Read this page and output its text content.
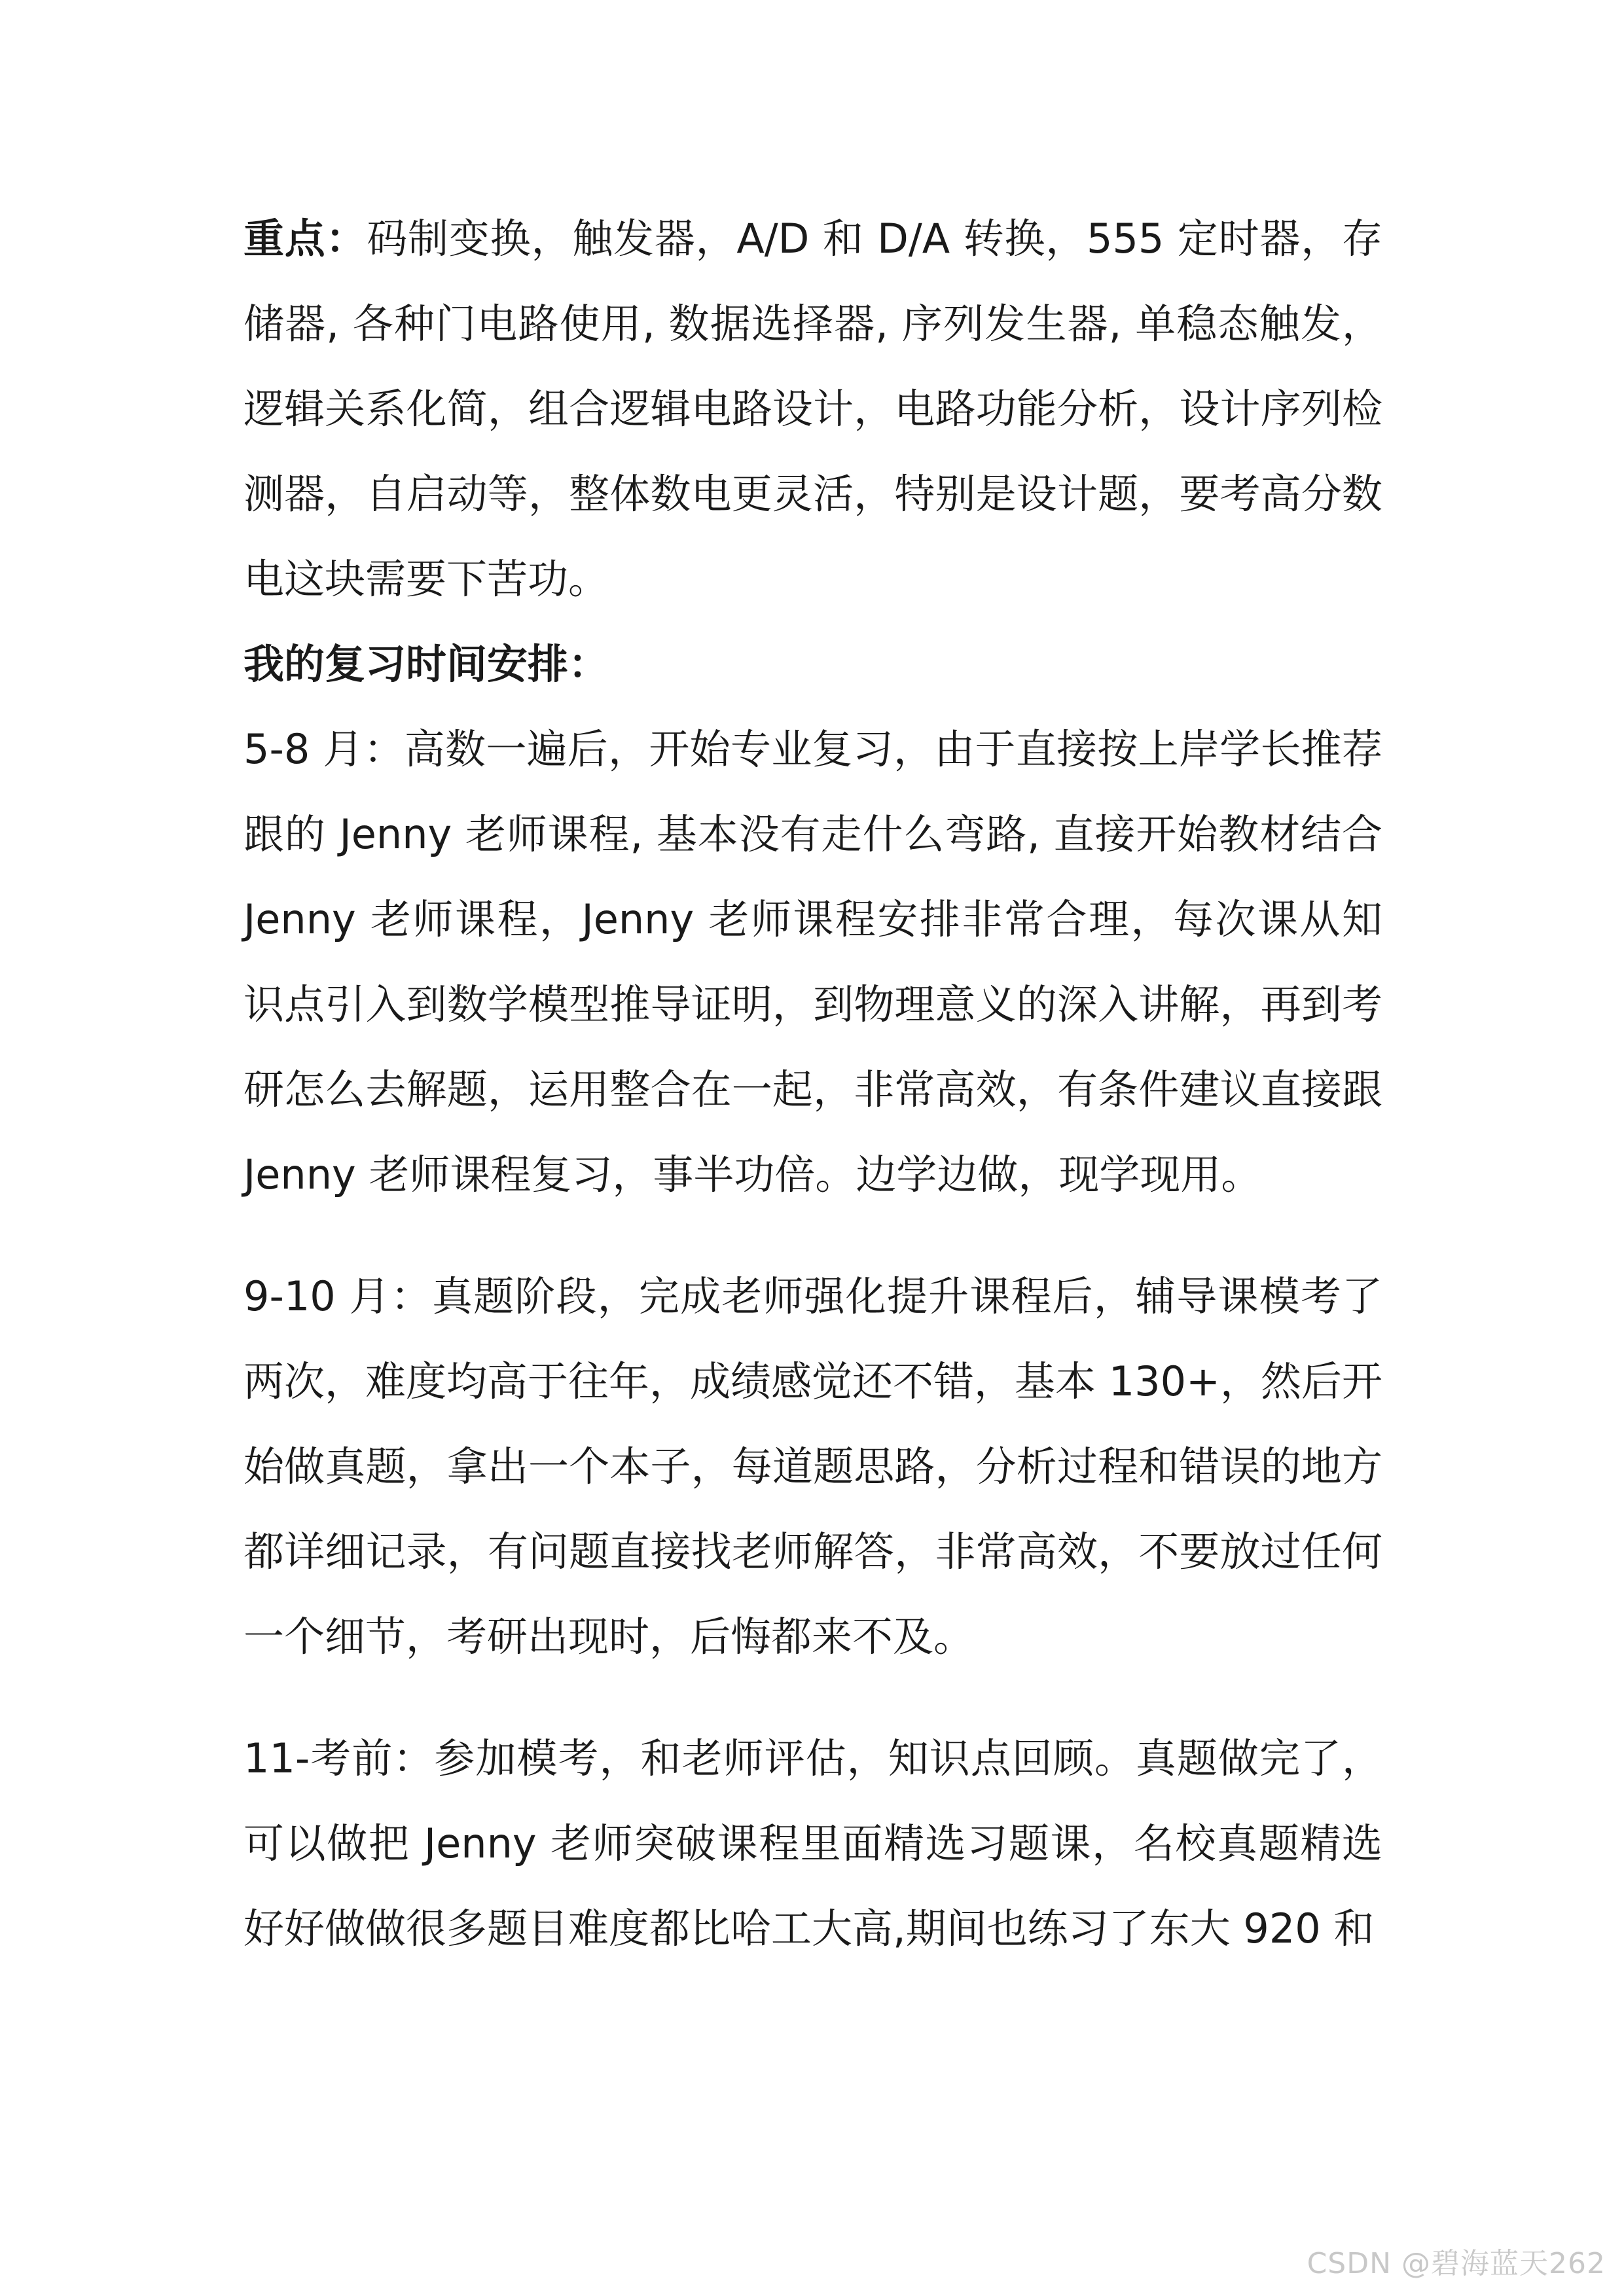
重点：码制变换，触发器，A/D 和 D/A 转换，555 定时器，存储器, 各种门电路使用, 数据选择器, 序列发生器, 单稳态触发，逻辑关系化简，组合逻辑电路设计，电路功能分析，设计序列检测器，自启动等，整体数电更灵活，特别是设计题，要考高分数电这块需要下苦功。

我的复习时间安排：

5-8 月：高数一遍后，开始专业复习，由于直接按上岸学长推荐跟的 Jenny 老师课程, 基本没有走什么弯路, 直接开始教材结合 Jenny 老师课程，Jenny 老师课程安排非常合理，每次课从知识点引入到数学模型推导证明，到物理意义的深入讲解，再到考研怎么去解题，运用整合在一起，非常高效，有条件建议直接跟 Jenny 老师课程复习，事半功倍。边学边做，现学现用。

9-10 月：真题阶段，完成老师强化提升课程后，辅导课模考了两次，难度均高于往年，成绩感觉还不错，基本 130+，然后开始做真题，拿出一个本子，每道题思路，分析过程和错误的地方都详细记录，有问题直接找老师解答，非常高效，不要放过任何一个细节，考研出现时，后悔都来不及。

11-考前：参加模考，和老师评估，知识点回顾。真题做完了，可以做把 Jenny 老师突破课程里面精选习题课，名校真题精选好好做做很多题目难度都比哈工大高,期间也练习了东大 920 和

CSDN @碧海蓝天262
